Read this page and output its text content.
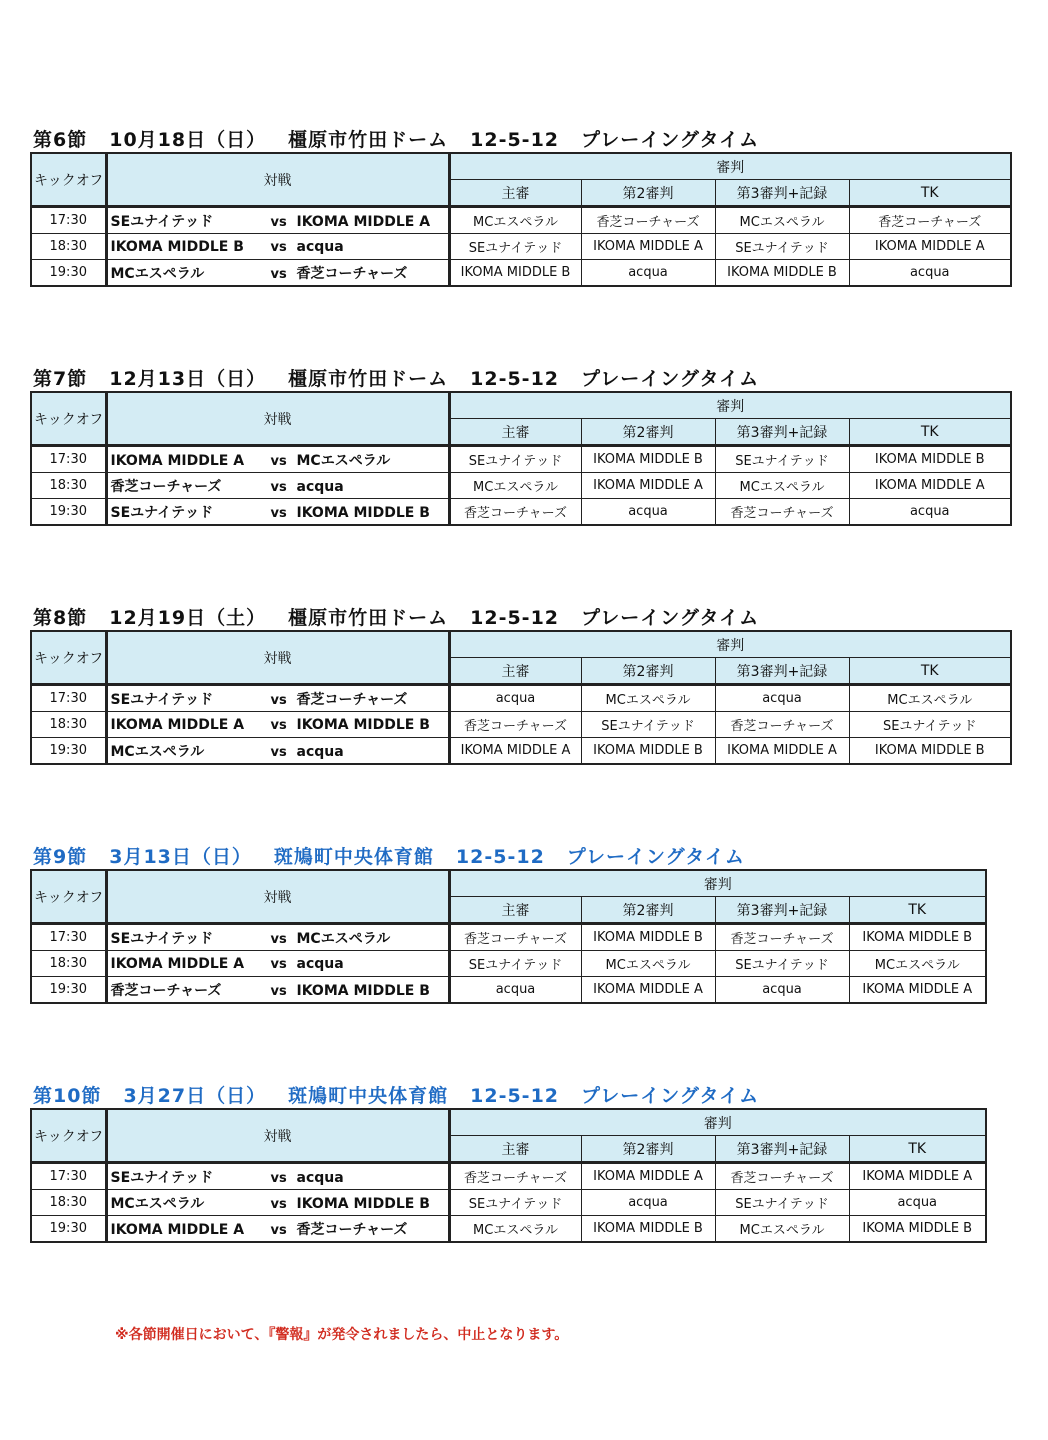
第6節 10月18日（日） 橿原市竹田ドーム 12-5-12 プレーイングタイム
キックオフ	対戦	審判			
		主審	第2審判	第3審判+記録	TK
17:30	SEユナイテッド vs IKOMA MIDDLE A	MCエスペラル	香芝コーチャーズ	MCエスペラル	香芝コーチャーズ
18:30	IKOMA MIDDLE B vs acqua	SEユナイテッド	IKOMA MIDDLE A	SEユナイテッド	IKOMA MIDDLE A
19:30	MCエスペラル vs 香芝コーチャーズ	IKOMA MIDDLE B	acqua	IKOMA MIDDLE B	acqua
第7節 12月13日（日） 橿原市竹田ドーム 12-5-12 プレーイングタイム
キックオフ	対戦	審判			
		主審	第2審判	第3審判+記録	TK
17:30	IKOMA MIDDLE A vs MCエスペラル	SEユナイテッド	IKOMA MIDDLE B	SEユナイテッド	IKOMA MIDDLE B
18:30	香芝コーチャーズ vs acqua	MCエスペラル	IKOMA MIDDLE A	MCエスペラル	IKOMA MIDDLE A
19:30	SEユナイテッド vs IKOMA MIDDLE B	香芝コーチャーズ	acqua	香芝コーチャーズ	acqua
第8節 12月19日（土） 橿原市竹田ドーム 12-5-12 プレーイングタイム
キックオフ	対戦	審判			
		主審	第2審判	第3審判+記録	TK
17:30	SEユナイテッド vs 香芝コーチャーズ	acqua	MCエスペラル	acqua	MCエスペラル
18:30	IKOMA MIDDLE A vs IKOMA MIDDLE B	香芝コーチャーズ	SEユナイテッド	香芝コーチャーズ	SEユナイテッド
19:30	MCエスペラル vs acqua	IKOMA MIDDLE A	IKOMA MIDDLE B	IKOMA MIDDLE A	IKOMA MIDDLE B
第9節 3月13日（日） 斑鳩町中央体育館 12-5-12 プレーイングタイム
キックオフ	対戦	審判			
		主審	第2審判	第3審判+記録	TK
17:30	SEユナイテッド vs MCエスペラル	香芝コーチャーズ	IKOMA MIDDLE B	香芝コーチャーズ	IKOMA MIDDLE B
18:30	IKOMA MIDDLE A vs acqua	SEユナイテッド	MCエスペラル	SEユナイテッド	MCエスペラル
19:30	香芝コーチャーズ vs IKOMA MIDDLE B	acqua	IKOMA MIDDLE A	acqua	IKOMA MIDDLE A
第10節 3月27日（日） 斑鳩町中央体育館 12-5-12 プレーイングタイム
キックオフ	対戦	審判			
		主審	第2審判	第3審判+記録	TK
17:30	SEユナイテッド vs acqua	香芝コーチャーズ	IKOMA MIDDLE A	香芝コーチャーズ	IKOMA MIDDLE A
18:30	MCエスペラル vs IKOMA MIDDLE B	SEユナイテッド	acqua	SEユナイテッド	acqua
19:30	IKOMA MIDDLE A vs 香芝コーチャーズ	MCエスペラル	IKOMA MIDDLE B	MCエスペラル	IKOMA MIDDLE B
※各節開催日において、『警報』が発令されましたら、中止となります。
